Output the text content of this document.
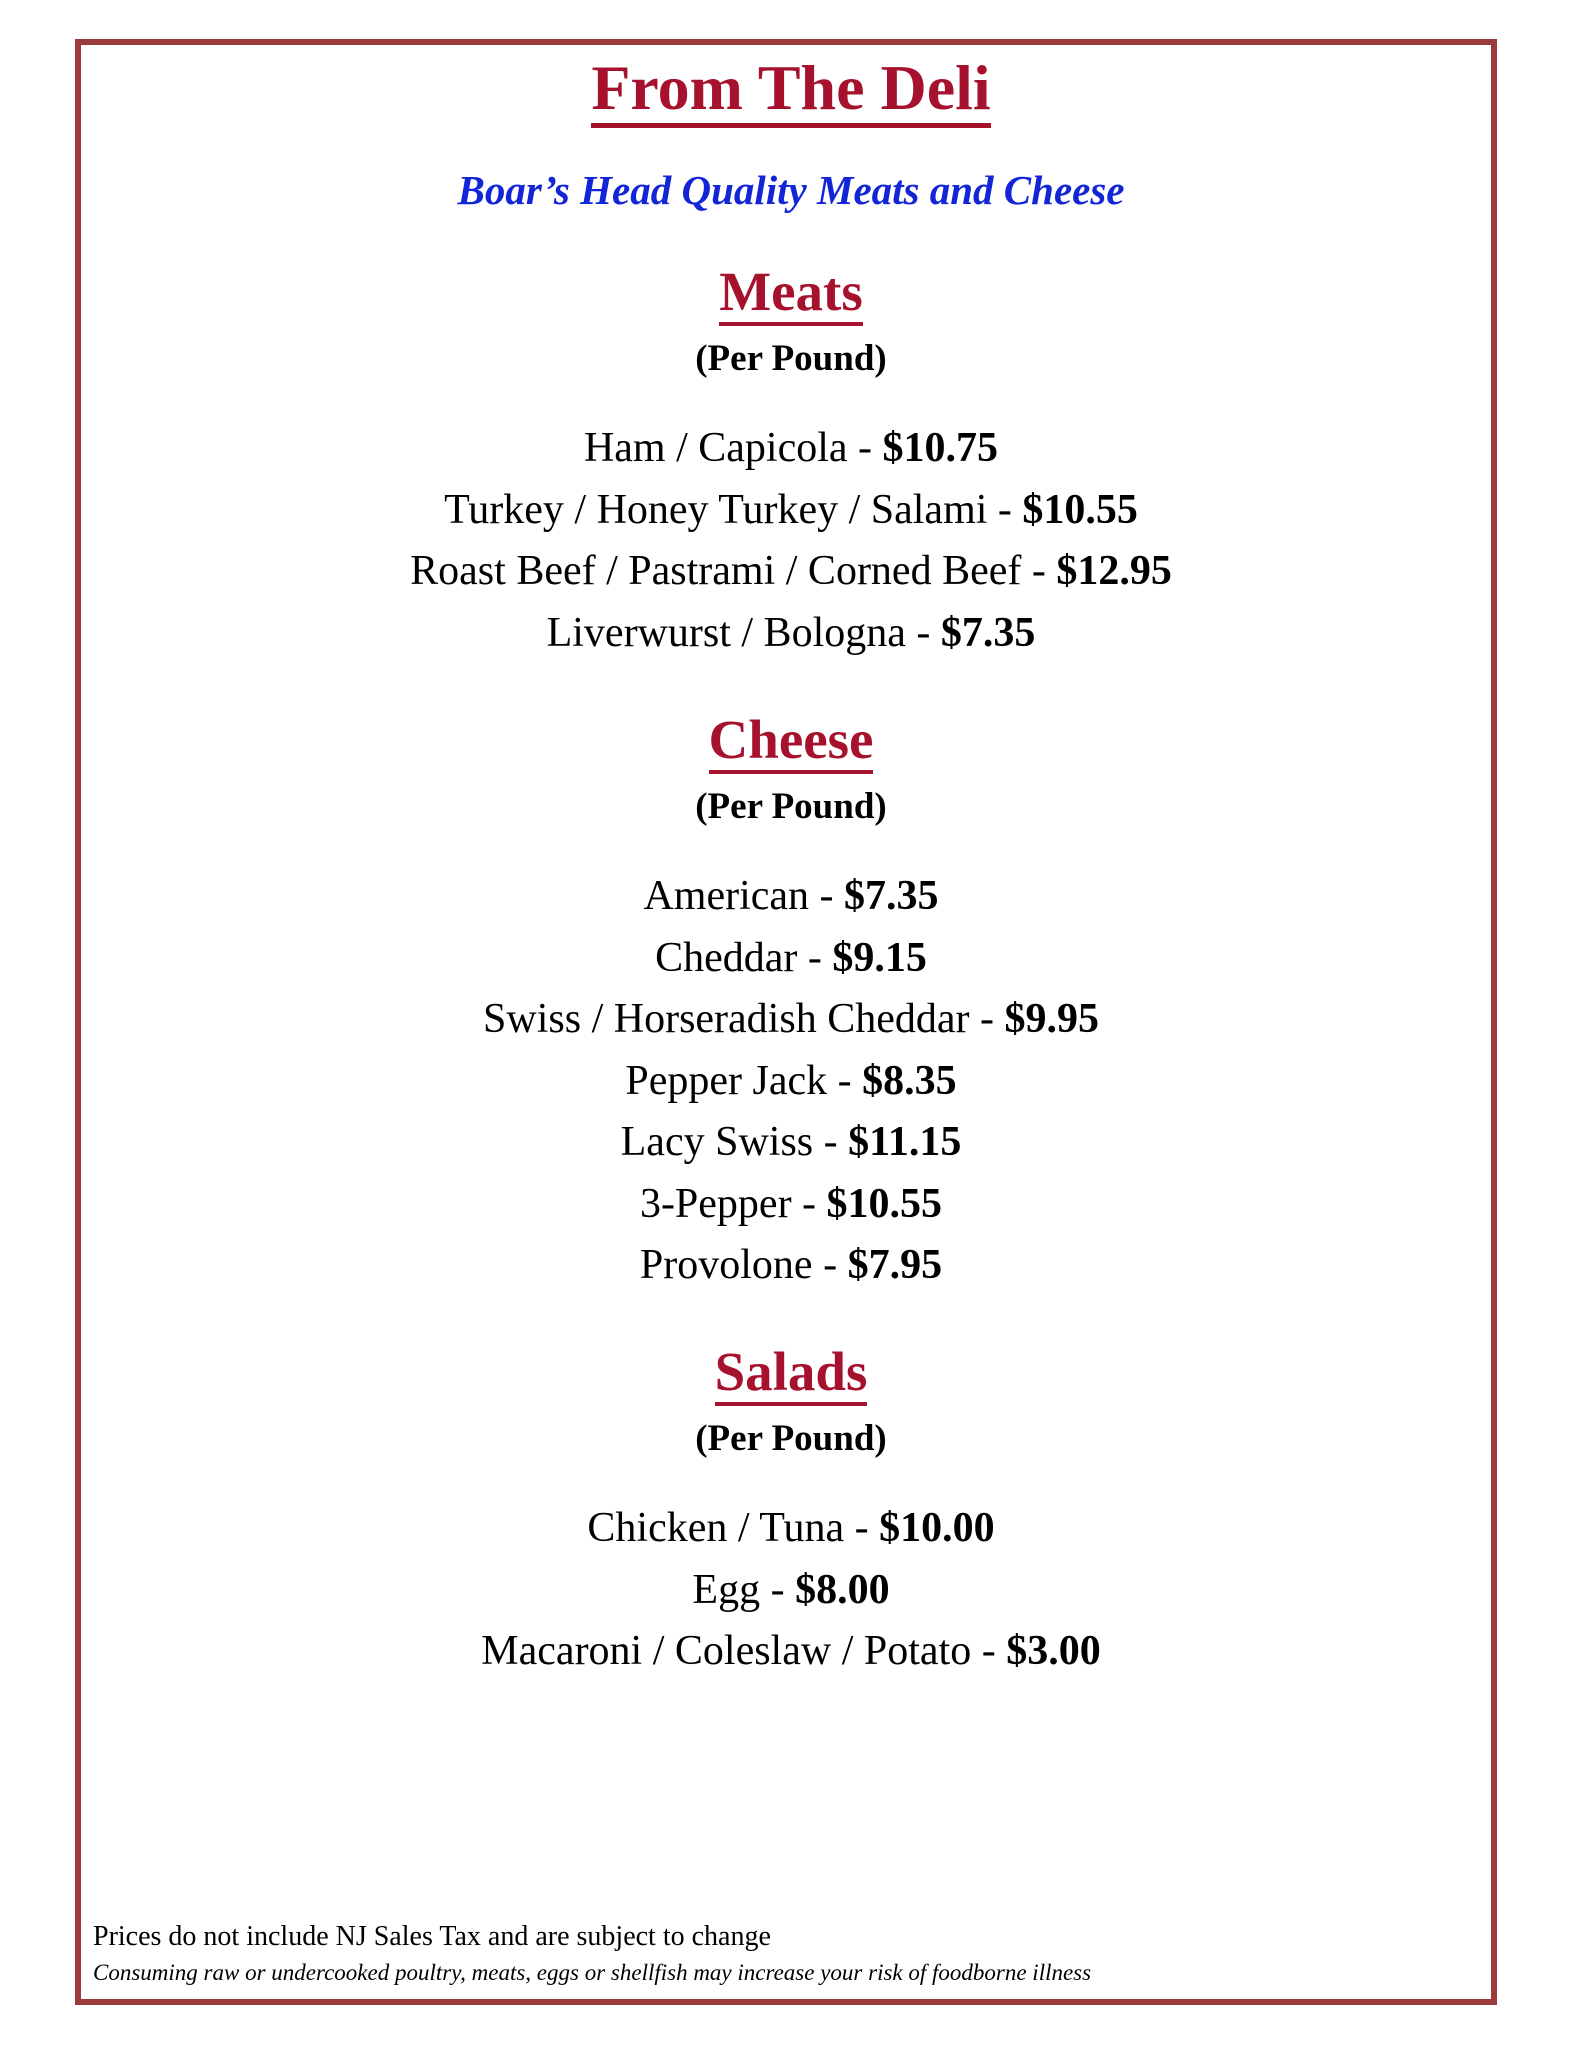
From The Deli
Boar’s Head Quality Meats and Cheese
Meats
(Per Pound)
Ham / Capicola - $10.75
Turkey / Honey Turkey / Salami - $10.55
Roast Beef / Pastrami / Corned Beef - $12.95
Liverwurst / Bologna - $7.35
Cheese
(Per Pound)
American - $7.35
Cheddar - $9.15
Swiss / Horseradish Cheddar - $9.95
Pepper Jack - $8.35
Lacy Swiss - $11.15
3-Pepper - $10.55
Provolone - $7.95
Salads
(Per Pound)
Chicken / Tuna - $10.00
Egg - $8.00
Macaroni / Coleslaw / Potato - $3.00
Prices do not include NJ Sales Tax and are subject to change
Consuming raw or undercooked poultry, meats, eggs or shellfish may increase your risk of foodborne illness
